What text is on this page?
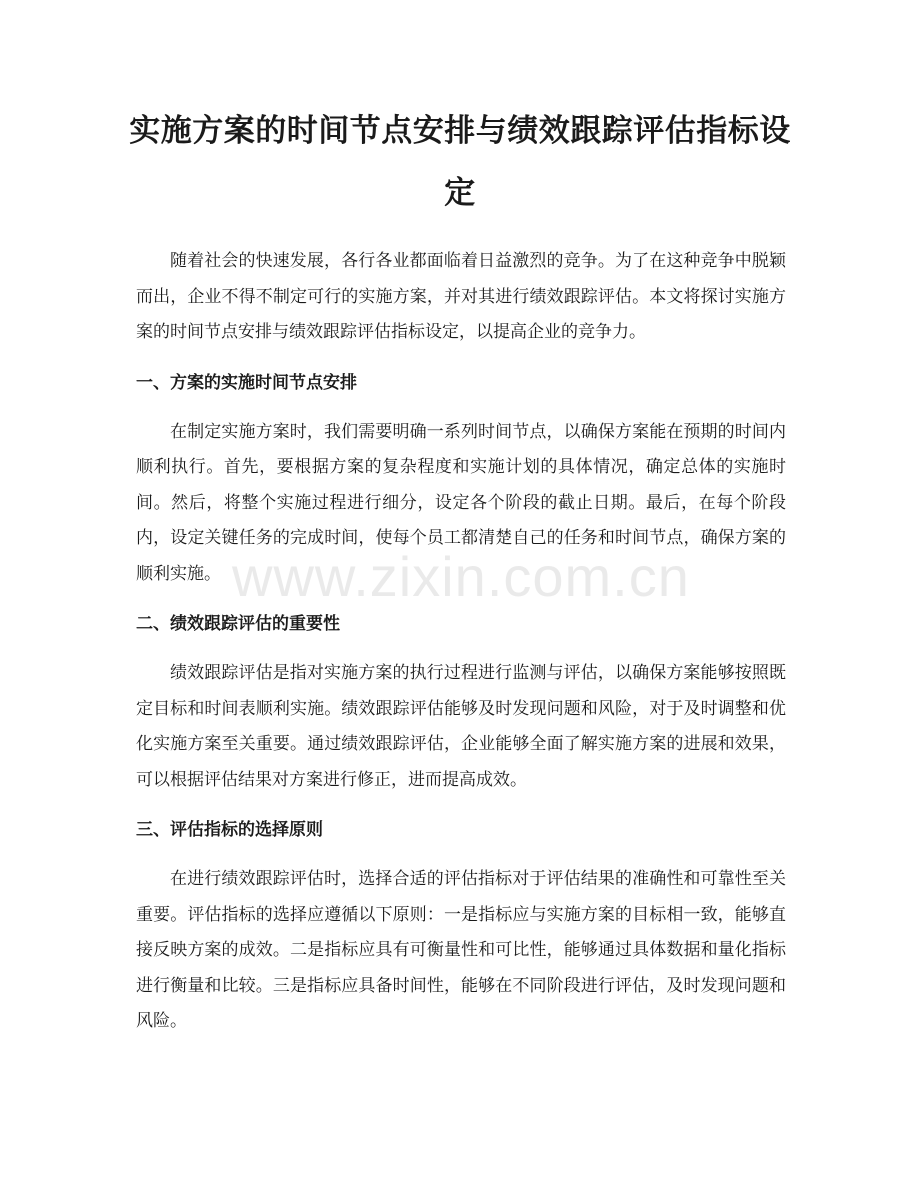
实施方案的时间节点安排与绩效跟踪评估指标设定

随着社会的快速发展，各行各业都面临着日益激烈的竞争。为了在这种竞争中脱颖而出，企业不得不制定可行的实施方案，并对其进行绩效跟踪评估。本文将探讨实施方案的时间节点安排与绩效跟踪评估指标设定，以提高企业的竞争力。

一、方案的实施时间节点安排

在制定实施方案时，我们需要明确一系列时间节点，以确保方案能在预期的时间内顺利执行。首先，要根据方案的复杂程度和实施计划的具体情况，确定总体的实施时间。然后，将整个实施过程进行细分，设定各个阶段的截止日期。最后，在每个阶段内，设定关键任务的完成时间，使每个员工都清楚自己的任务和时间节点，确保方案的顺利实施。

二、绩效跟踪评估的重要性

绩效跟踪评估是指对实施方案的执行过程进行监测与评估，以确保方案能够按照既定目标和时间表顺利实施。绩效跟踪评估能够及时发现问题和风险，对于及时调整和优化实施方案至关重要。通过绩效跟踪评估，企业能够全面了解实施方案的进展和效果，可以根据评估结果对方案进行修正，进而提高成效。

三、评估指标的选择原则

在进行绩效跟踪评估时，选择合适的评估指标对于评估结果的准确性和可靠性至关重要。评估指标的选择应遵循以下原则：一是指标应与实施方案的目标相一致，能够直接反映方案的成效。二是指标应具有可衡量性和可比性，能够通过具体数据和量化指标进行衡量和比较。三是指标应具备时间性，能够在不同阶段进行评估，及时发现问题和风险。

www.zixin.com.cn
